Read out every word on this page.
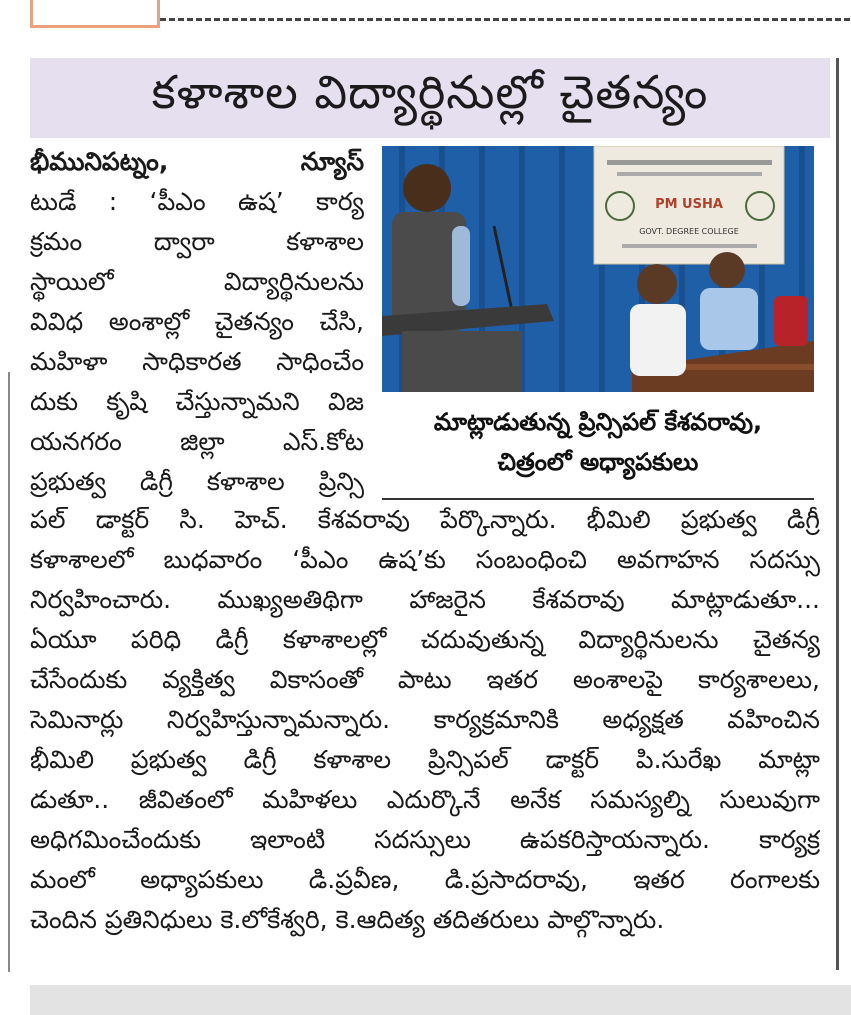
కళాశాల విద్యార్థినుల్లో చైతన్యం
భీమునిపట్నం, న్యూస్
టుడే : ‘పీఎం ఉష’ కార్య
క్రమం ద్వారా కళాశాల
స్థాయిలో విద్యార్థినులను
వివిధ అంశాల్లో చైతన్యం చేసి,
మహిళా సాధికారత సాధించేం
దుకు కృషి చేస్తున్నామని విజ
యనగరం జిల్లా ఎస్.కోట
ప్రభుత్వ డిగ్రీ కళాశాల ప్రిన్సి
PM USHA
GOVT. DEGREE COLLEGE
మాట్లాడుతున్న ప్రిన్సిపల్ కేశవరావు,
చిత్రంలో అధ్యాపకులు
పల్ డాక్టర్ సి. హెచ్. కేశవరావు పేర్కొన్నారు. భీమిలి ప్రభుత్వ డిగ్రీ
కళాశాలలో బుధవారం ‘పీఎం ఉష’కు సంబంధించి అవగాహన సదస్సు
నిర్వహించారు. ముఖ్యఅతిథిగా హాజరైన కేశవరావు మాట్లాడుతూ...
ఏయూ పరిధి డిగ్రీ కళాశాలల్లో చదువుతున్న విద్యార్థినులను చైతన్య
చేసేందుకు వ్యక్తిత్వ వికాసంతో పాటు ఇతర అంశాలపై కార్యశాలలు,
సెమినార్లు నిర్వహిస్తున్నామన్నారు. కార్యక్రమానికి అధ్యక్షత వహించిన
భీమిలి ప్రభుత్వ డిగ్రీ కళాశాల ప్రిన్సిపల్ డాక్టర్ పి.సురేఖ మాట్లా
డుతూ.. జీవితంలో మహిళలు ఎదుర్కొనే అనేక సమస్యల్ని సులువుగా
అధిగమించేందుకు ఇలాంటి సదస్సులు ఉపకరిస్తాయన్నారు. కార్యక్ర
మంలో అధ్యాపకులు డి.ప్రవీణ, డి.ప్రసాదరావు, ఇతర రంగాలకు
చెందిన ప్రతినిధులు కె.లోకేశ్వరి, కె.ఆదిత్య తదితరులు పాల్గొన్నారు.
